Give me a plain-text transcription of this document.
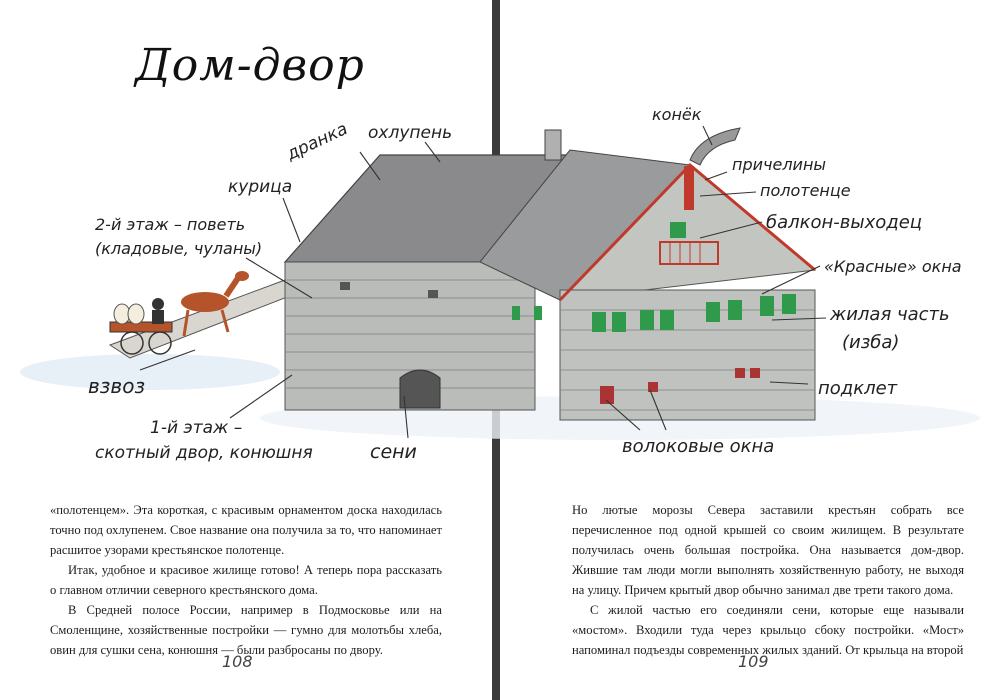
охлупень
дранка
курица
2-й этаж – поветь
(кладовые, чуланы)
взвоз
1-й этаж –
скотный двор, конюшня	сени
конёк
причелины
полотенце
балкон-выходец
«Красные» окна
жилая часть
(изба)
подклет
волоковые окна
Дом-двор

«полотенцем». Эта короткая, с красивым орнаментом доска находилась точно под охлупенем. Свое название она получила за то, что напоминает расшитое узорами крестьянское полотенце.

Итак, удобное и красивое жилище готово! А теперь пора рассказать о главном отличии северного крестьянского дома.

В Средней полосе России, например в Подмосковье или на Смоленщине, хозяйственные постройки — гумно для молотьбы хлеба, овин для сушки сена, конюшня — были разбросаны по двору.

Но лютые морозы Севера заставили крестьян собрать все перечисленное под одной крышей со своим жилищем. В результате получилась очень большая постройка. Она называется дом-двор. Жившие там люди могли выполнять хозяйственную работу, не выходя на улицу. Причем крытый двор обычно занимал две трети такого дома.

С жилой частью его соединяли сени, которые еще называли «мостом». Входили туда через крыльцо сбоку постройки. «Мост» напоминал подъезды современных жилых зданий. От крыльца на второй

108	109
